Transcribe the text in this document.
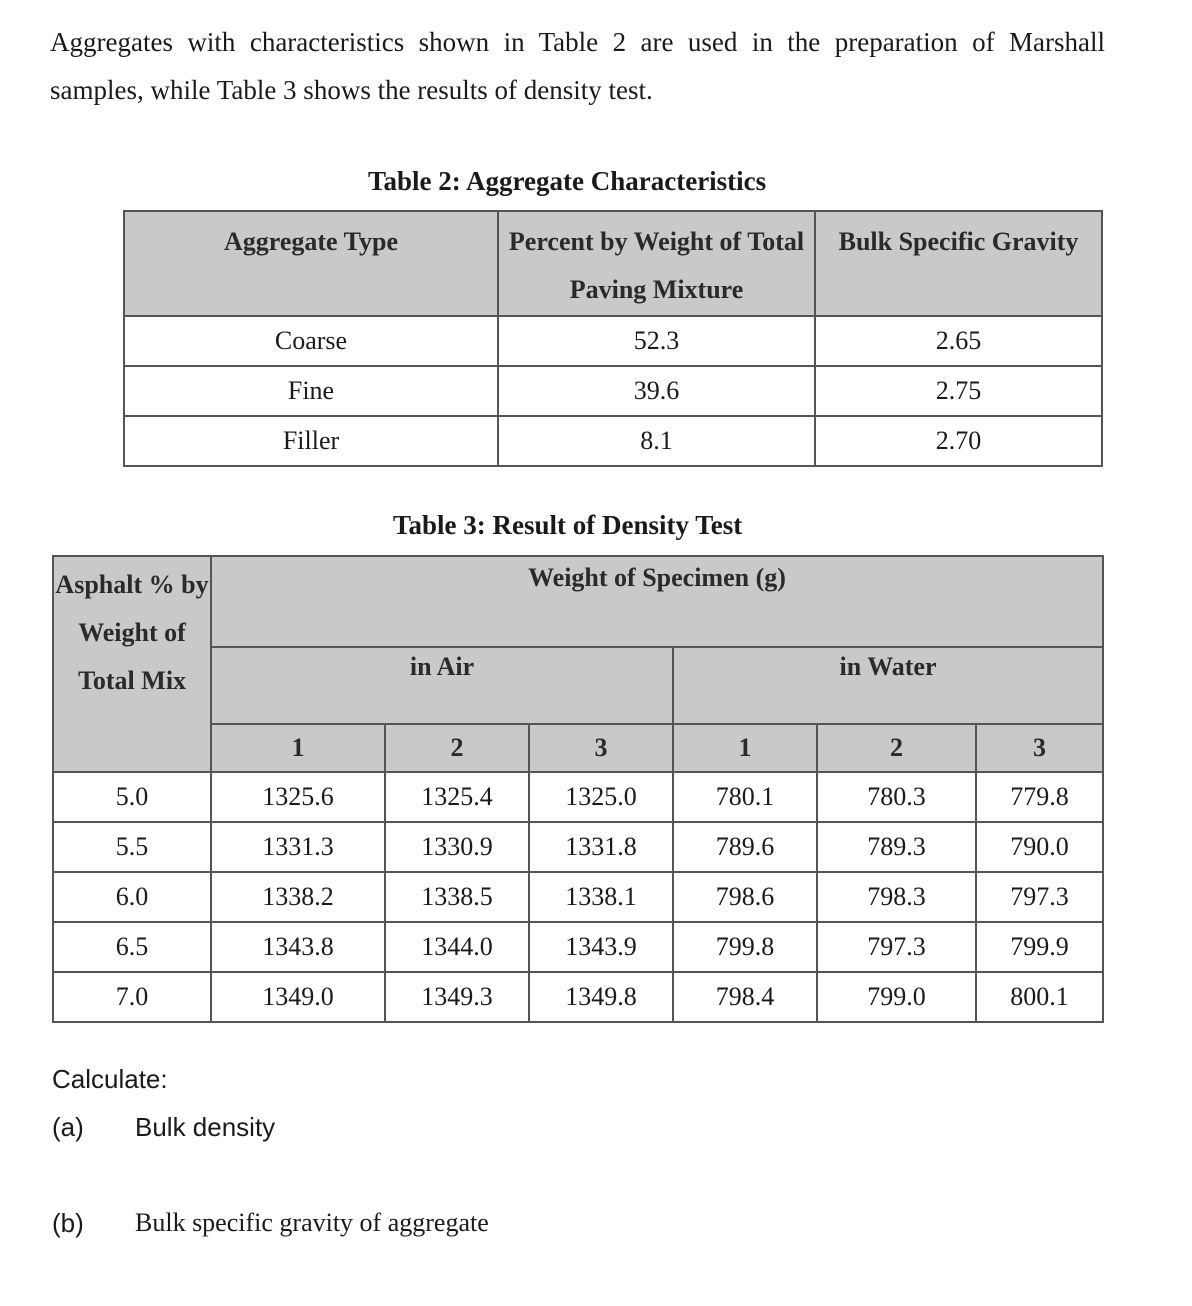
Aggregates with characteristics shown in Table 2 are used in the preparation of Marshall samples, while Table 3 shows the results of density test.
Table 2: Aggregate Characteristics
Aggregate Type	Percent by Weight of Total Paving Mixture	Bulk Specific Gravity
Coarse	52.3	2.65
Fine	39.6	2.75
Filler	8.1	2.70
Table 3: Result of Density Test
Asphalt % by Weight of Total Mix	Weight of Specimen (g)					
	in Air			in Water		
	1	2	3	1	2	3
5.0	1325.6	1325.4	1325.0	780.1	780.3	779.8
5.5	1331.3	1330.9	1331.8	789.6	789.3	790.0
6.0	1338.2	1338.5	1338.1	798.6	798.3	797.3
6.5	1343.8	1344.0	1343.9	799.8	797.3	799.9
7.0	1349.0	1349.3	1349.8	798.4	799.0	800.1
Calculate:
(a) Bulk density
(b) Bulk specific gravity of aggregate
